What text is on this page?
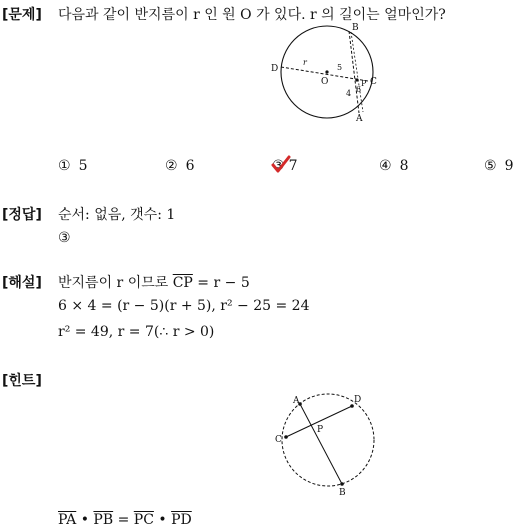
[문제] 다음과 같이 반지름이 r 인 원 O 가 있다. r 의 길이는 얼마인가?
B
D
r
5
6
O	P C
4
A
① 5	② 6	③ 7	④ 8	⑤ 9
[정답] 순서: 없음, 갯수: 1
③
[해설] 반지름이 r 이므로 $\overline{CP} = r - 5$
6 × 4 = (r − 5)(r + 5), r² − 25 = 24
r² = 49, r = 7(∴ r > 0)
[힌트]
A	D
C
P
B
$\overline{PA}$ • $\overline{PB} = \overline{PC}$ • $\overline{PD}$
